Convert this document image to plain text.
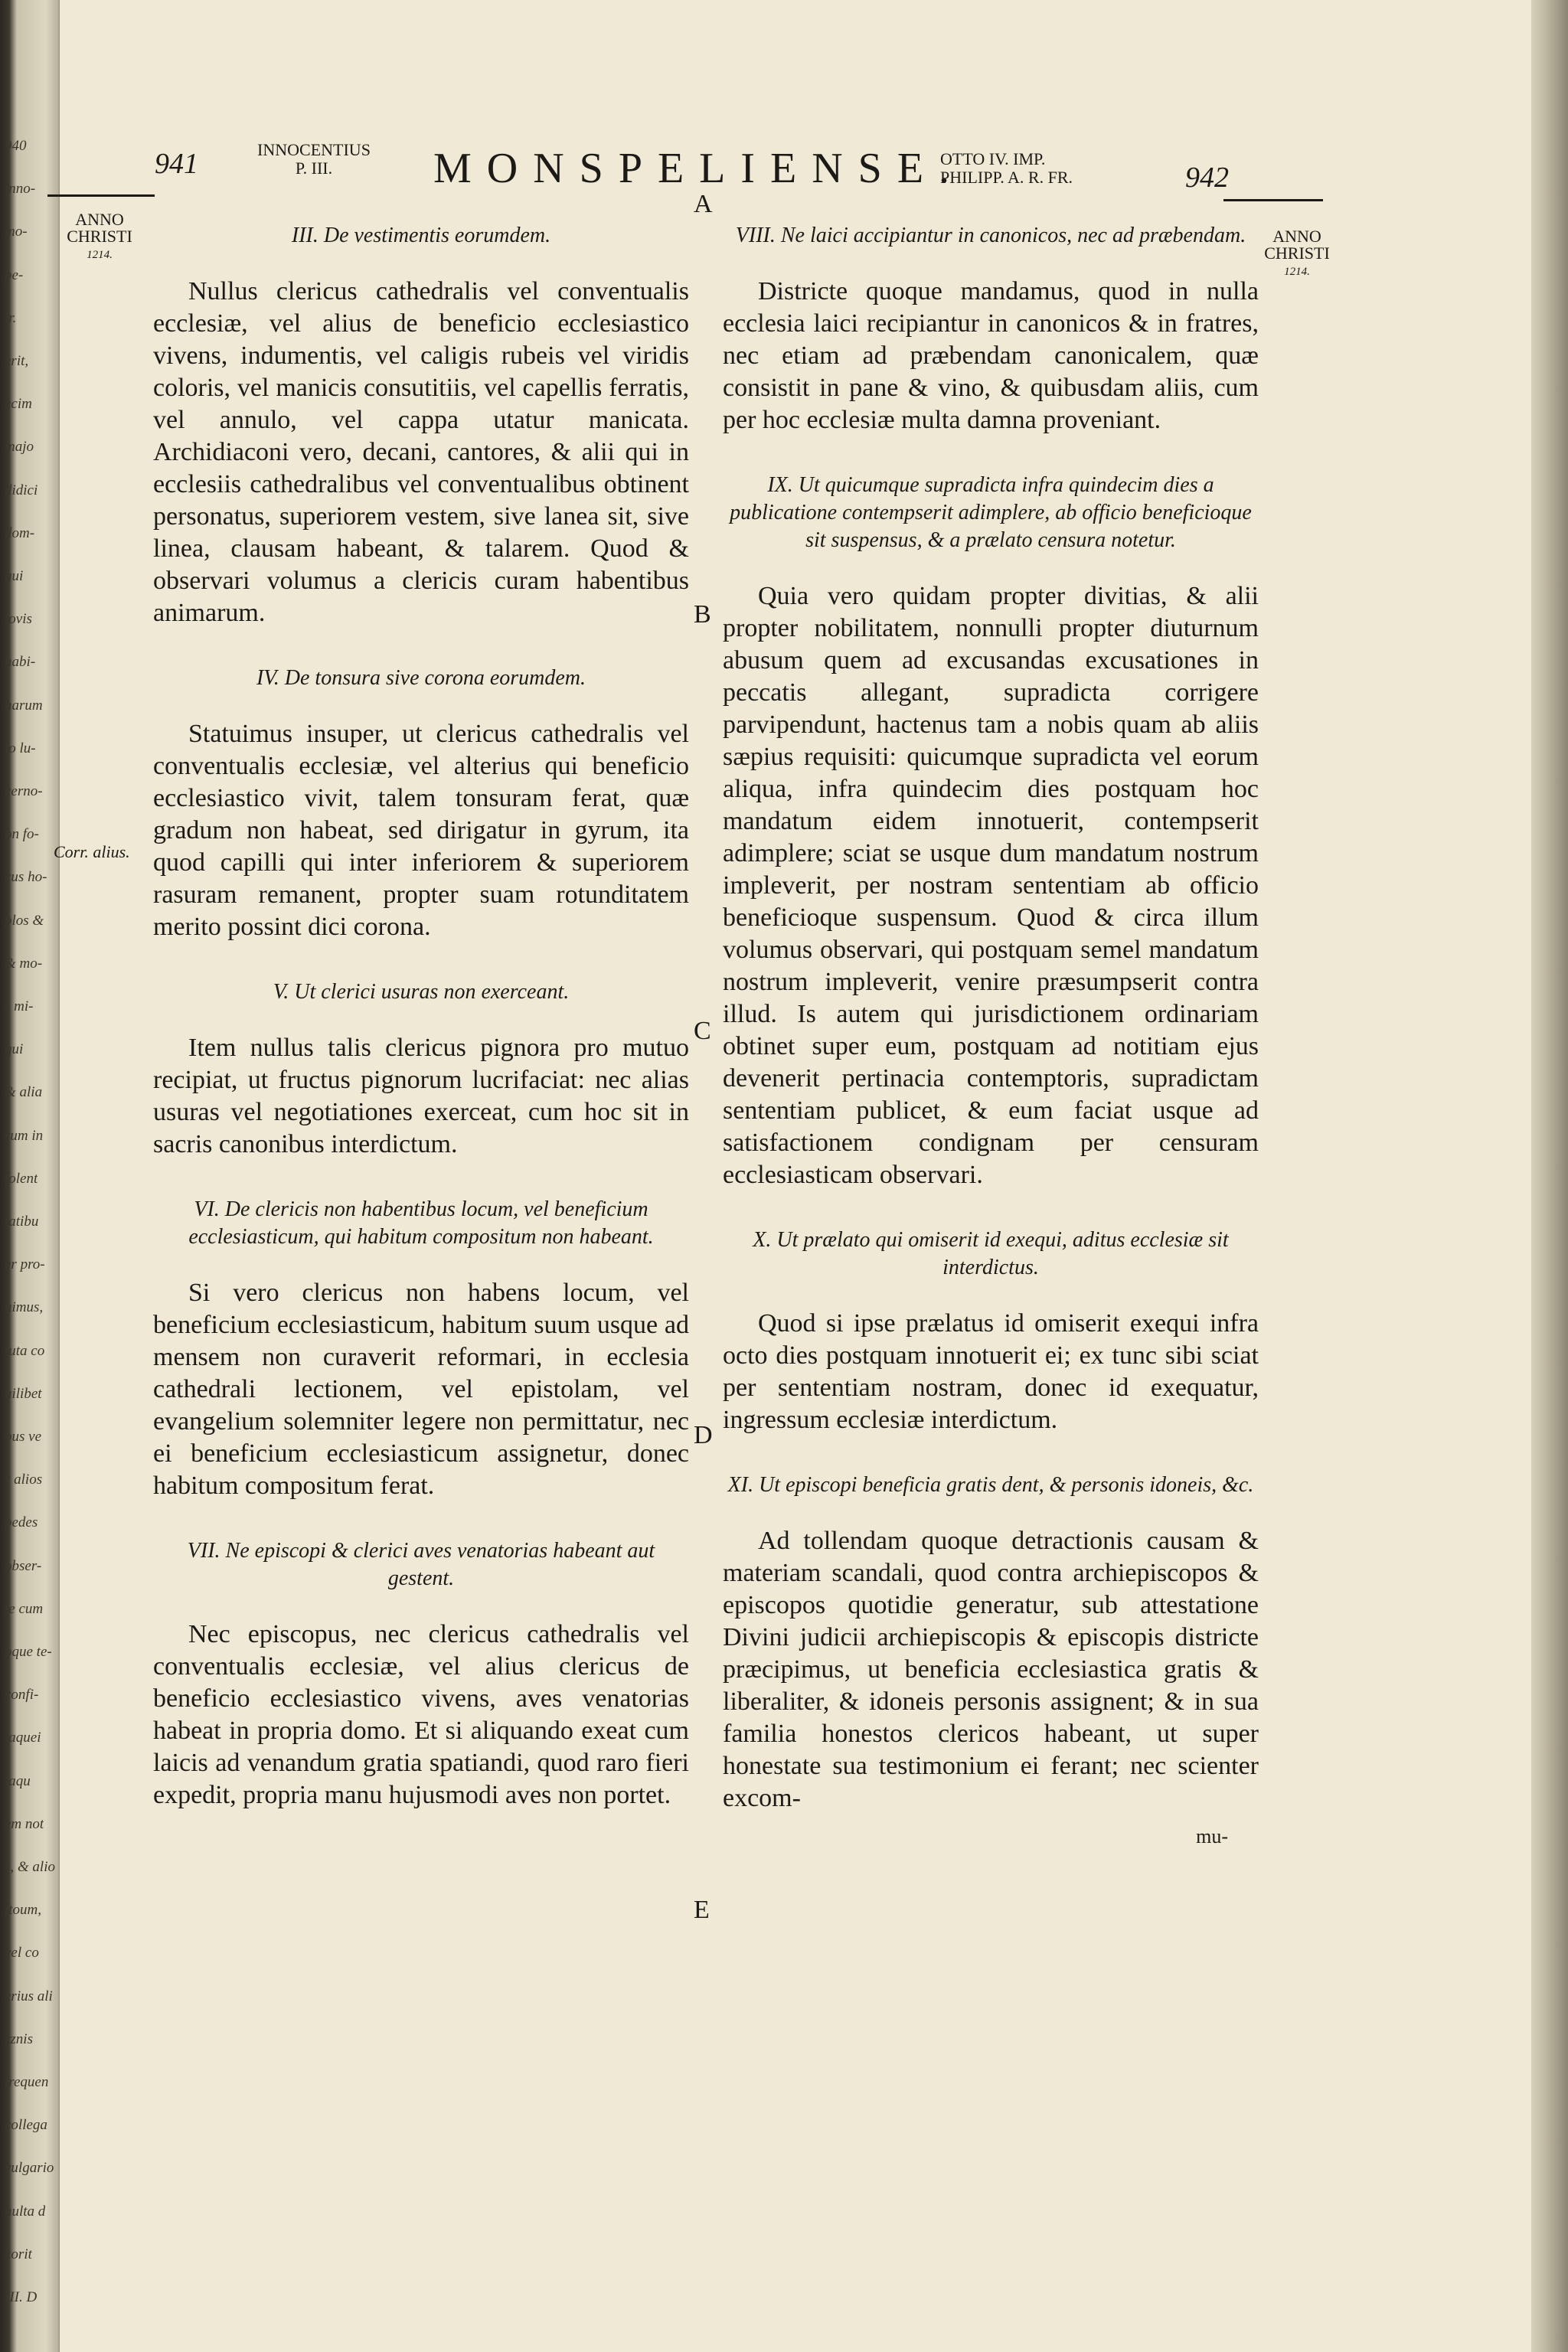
940
inno-
mo-
pe-
ir.
erit,
ecim
majo
didici
dom-
gui
tovis
habi-
narum
lo lu-
cerno-
on fo-
cus ho-
plos &
& mo-
s mi-
qui
& alia
rum in
folent
tatibu
er pro-
uimus,
tuta co
uilibet
bus ve
r alios
pedes
obser-
te cum
oque te-
confi-
laquei
laqu
em not
s, & alio
ftoum,
vel co
erius ali
rznis
frequen
collega
vulgario
nulta d
xorit
III. D
941	INNOCENTIUS
P. III.	MONSPELIENSE.
OTTO IV. IMP.
PHILIPP. A. R. FR.	942
ANNO
CHRISTI
1214.
ANNO
CHRISTI
1214.
A
B
C
D
E
Corr. alius.
III. De vestimentis eorumdem.
Nullus clericus cathedralis vel conventualis ecclesiæ, vel alius de beneficio ecclesiastico vivens, indumentis, vel caligis rubeis vel viridis coloris, vel manicis consutitiis, vel capellis ferratis, vel annulo, vel cappa utatur manicata. Archidiaconi vero, decani, cantores, & alii qui in ecclesiis cathedralibus vel conventualibus obtinent personatus, superiorem vestem, sive lanea sit, sive linea, clausam habeant, & talarem. Quod & observari volumus a clericis curam habentibus animarum.
IV. De tonsura sive corona eorumdem.
Statuimus insuper, ut clericus cathedralis vel conventualis ecclesiæ, vel alterius qui beneficio ecclesiastico vivit, talem tonsuram ferat, quæ gradum non habeat, sed dirigatur in gyrum, ita quod capilli qui inter inferiorem & superiorem rasuram remanent, propter suam rotunditatem merito possint dici corona.
V. Ut clerici usuras non exerceant.
Item nullus talis clericus pignora pro mutuo recipiat, ut fructus pignorum lucrifaciat: nec alias usuras vel negotiationes exerceat, cum hoc sit in sacris canonibus interdictum.
VI. De clericis non habentibus locum, vel beneficium ecclesiasticum, qui habitum compositum non habeant.
Si vero clericus non habens locum, vel beneficium ecclesiasticum, habitum suum usque ad mensem non curaverit reformari, in ecclesia cathedrali lectionem, vel epistolam, vel evangelium solemniter legere non permittatur, nec ei beneficium ecclesiasticum assignetur, donec habitum compositum ferat.
VII. Ne episcopi & clerici aves venatorias habeant aut gestent.
Nec episcopus, nec clericus cathedralis vel conventualis ecclesiæ, vel alius clericus de beneficio ecclesiastico vivens, aves venatorias habeat in propria domo. Et si aliquando exeat cum laicis ad venandum gratia spatiandi, quod raro fieri expedit, propria manu hujusmodi aves non portet.
VIII. Ne laici accipiantur in canonicos, nec ad præbendam.
Districte quoque mandamus, quod in nulla ecclesia laici recipiantur in canonicos & in fratres, nec etiam ad præbendam canonicalem, quæ consistit in pane & vino, & quibusdam aliis, cum per hoc ecclesiæ multa damna proveniant.
IX. Ut quicumque supradicta infra quindecim dies a publicatione contempserit adimplere, ab officio beneficioque sit suspensus, & a prælato censura notetur.
Quia vero quidam propter divitias, & alii propter nobilitatem, nonnulli propter diuturnum abusum quem ad excusandas excusationes in peccatis allegant, supradicta corrigere parvipendunt, hactenus tam a nobis quam ab aliis sæpius requisiti: quicumque supradicta vel eorum aliqua, infra quindecim dies postquam hoc mandatum eidem innotuerit, contempserit adimplere; sciat se usque dum mandatum nostrum impleverit, per nostram sententiam ab officio beneficioque suspensum. Quod & circa illum volumus observari, qui postquam semel mandatum nostrum impleverit, venire præsumpserit contra illud. Is autem qui jurisdictionem ordinariam obtinet super eum, postquam ad notitiam ejus devenerit pertinacia contemptoris, supradictam sententiam publicet, & eum faciat usque ad satisfactionem condignam per censuram ecclesiasticam observari.
X. Ut prælato qui omiserit id exequi, aditus ecclesiæ sit interdictus.
Quod si ipse prælatus id omiserit exequi infra octo dies postquam innotuerit ei; ex tunc sibi sciat per sententiam nostram, donec id exequatur, ingressum ecclesiæ interdictum.
XI. Ut episcopi beneficia gratis dent, & personis idoneis, &c.
Ad tollendam quoque detractionis causam & materiam scandali, quod contra archiepiscopos & episcopos quotidie generatur, sub attestatione Divini judicii archiepiscopis & episcopis districte præcipimus, ut beneficia ecclesiastica gratis & liberaliter, & idoneis personis assignent; & in sua familia honestos clericos habeant, ut super honestate sua testimonium ei ferant; nec scienter excom-
mu-
